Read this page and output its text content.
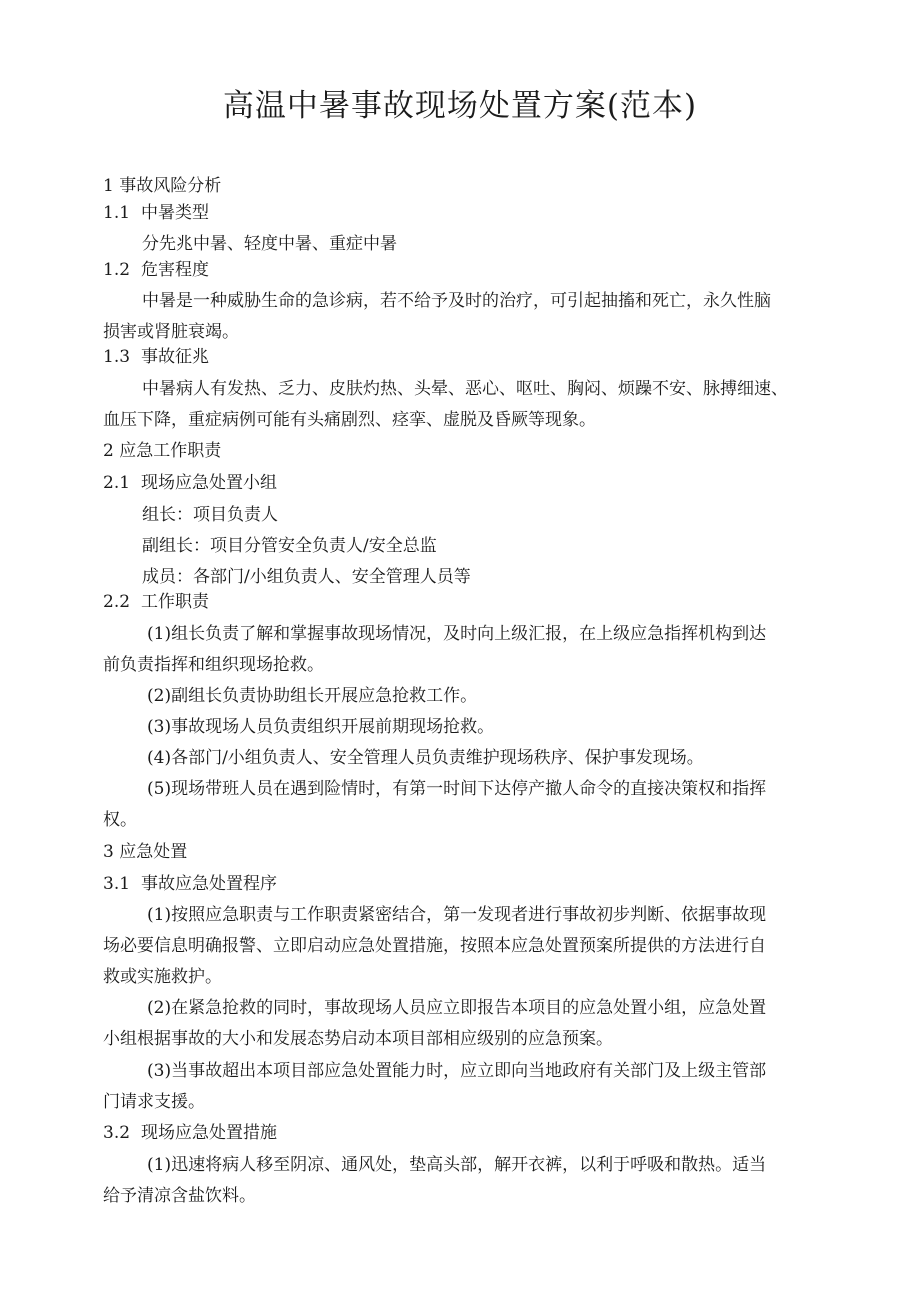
高温中暑事故现场处置方案(范本)
1 事故风险分析
1.1 中暑类型
分先兆中暑、轻度中暑、重症中暑
1.2 危害程度
中暑是一种威胁生命的急诊病，若不给予及时的治疗，可引起抽搐和死亡，永久性脑
损害或肾脏衰竭。
1.3 事故征兆
中暑病人有发热、乏力、皮肤灼热、头晕、恶心、呕吐、胸闷、烦躁不安、脉搏细速、
血压下降，重症病例可能有头痛剧烈、痉挛、虚脱及昏厥等现象。
2 应急工作职责
2.1 现场应急处置小组
组长：项目负责人
副组长：项目分管安全负责人/安全总监
成员：各部门/小组负责人、安全管理人员等
2.2 工作职责
(1)组长负责了解和掌握事故现场情况，及时向上级汇报，在上级应急指挥机构到达
前负责指挥和组织现场抢救。
(2)副组长负责协助组长开展应急抢救工作。
(3)事故现场人员负责组织开展前期现场抢救。
(4)各部门/小组负责人、安全管理人员负责维护现场秩序、保护事发现场。
(5)现场带班人员在遇到险情时，有第一时间下达停产撤人命令的直接决策权和指挥
权。
3 应急处置
3.1 事故应急处置程序
(1)按照应急职责与工作职责紧密结合，第一发现者进行事故初步判断、依据事故现
场必要信息明确报警、立即启动应急处置措施，按照本应急处置预案所提供的方法进行自
救或实施救护。
(2)在紧急抢救的同时，事故现场人员应立即报告本项目的应急处置小组，应急处置
小组根据事故的大小和发展态势启动本项目部相应级别的应急预案。
(3)当事故超出本项目部应急处置能力时，应立即向当地政府有关部门及上级主管部
门请求支援。
3.2 现场应急处置措施
(1)迅速将病人移至阴凉、通风处，垫高头部，解开衣裤，以利于呼吸和散热。适当
给予清凉含盐饮料。
